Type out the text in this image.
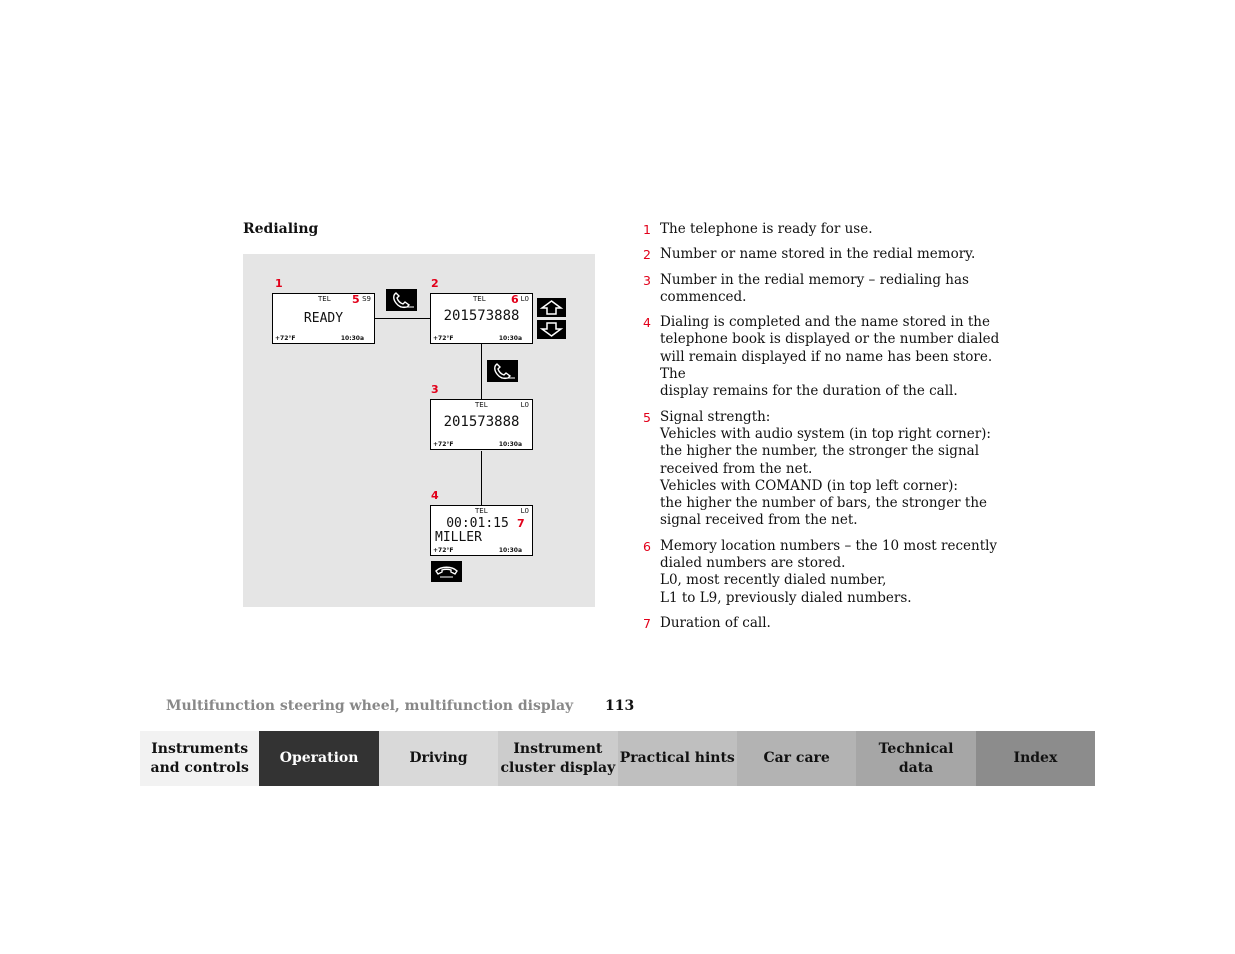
Redialing
1	2
3
4
TEL 5 S9
READY
+72°F	10:30a
TEL 6 L0
201573888
+72°F	10:30a
TEL	L0
201573888
+72°F	10:30a
TEL	L0
00:01:15 7
MILLER
+72°F	10:30a
1 The telephone is ready for use.
2 Number or name stored in the redial memory.
3 Number in the redial memory – redialing has
commenced.
4 Dialing is completed and the name stored in the
telephone book is displayed or the number dialed
will remain displayed if no name has been store. The
display remains for the duration of the call.
5 Signal strength:
Vehicles with audio system (in top right corner):
the higher the number, the stronger the signal
received from the net.
Vehicles with COMAND (in top left corner):
the higher the number of bars, the stronger the
signal received from the net.
6 Memory location numbers – the 10 most recently
dialed numbers are stored.
L0, most recently dialed number,
L1 to L9, previously dialed numbers.
7 Duration of call.
Multifunction steering wheel, multifunction display 113
Instruments
and controls
Operation	Driving
Instrument
cluster display
Practical hints	Car care
Technical
data
Index
